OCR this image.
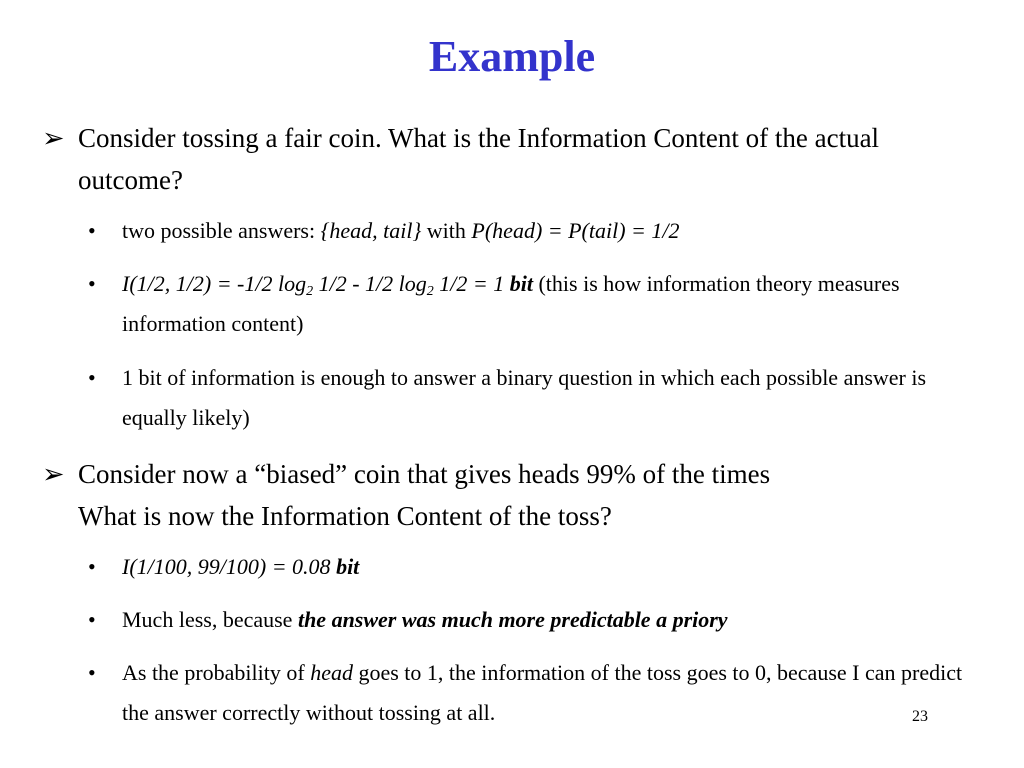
Example
➢ Consider tossing a fair coin. What is the Information Content of the actual outcome?
•	two possible answers: {head, tail} with P(head) = P(tail) = 1/2
•	I(1/2, 1/2) = -1/2 $\log_2 1/2 - 1/2$ $\log_2 1/2 = 1$ bit (this is how information theory measures information content)
•	1 bit of information is enough to answer a binary question in which each possible answer is equally likely)
➢ Consider now a “biased” coin that gives heads 99% of the times
What is now the Information Content of the toss?
•	I(1/100, 99/100) = 0.08 bit
•	Much less, because the answer was much more predictable a priory
•	As the probability of head goes to 1, the information of the toss goes to 0, because I can predict the answer correctly without tossing at all.	23
